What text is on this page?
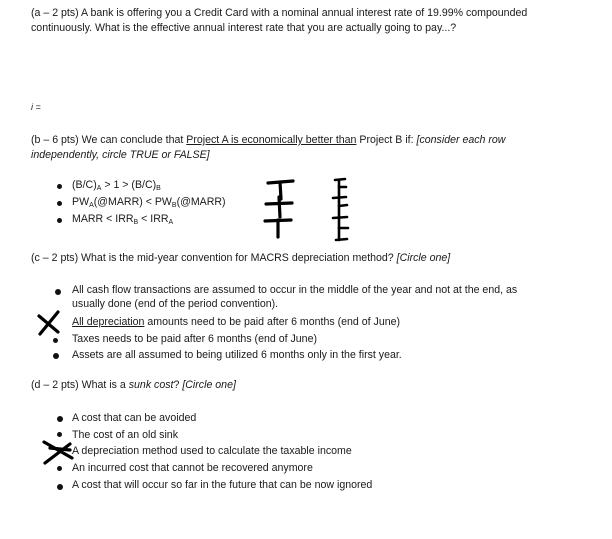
(a – 2 pts) A bank is offering you a Credit Card with a nominal annual interest rate of 19.99% compounded
continuously. What is the effective annual interest rate that you are actually going to pay...?
i =
(b – 6 pts) We can conclude that Project A is economically better than Project B if: [consider each row
independently, circle TRUE or FALSE]
$(B/C)_A > 1 > (B/C)_B$
$PW_A(@MARR)$ < $PW_B(@MARR)$
MARR < $IRR_B < IRR_A$
(c – 2 pts) What is the mid-year convention for MACRS depreciation method? [Circle one]
All cash flow transactions are assumed to occur in the middle of the year and not at the end, as
usually done (end of the period convention).
All depreciation amounts need to be paid after 6 months (end of June)
Taxes needs to be paid after 6 months (end of June)
Assets are all assumed to being utilized 6 months only in the first year.
(d – 2 pts) What is a sunk cost? [Circle one]
A cost that can be avoided
The cost of an old sink
A depreciation method used to calculate the taxable income
An incurred cost that cannot be recovered anymore
A cost that will occur so far in the future that can be now ignored
